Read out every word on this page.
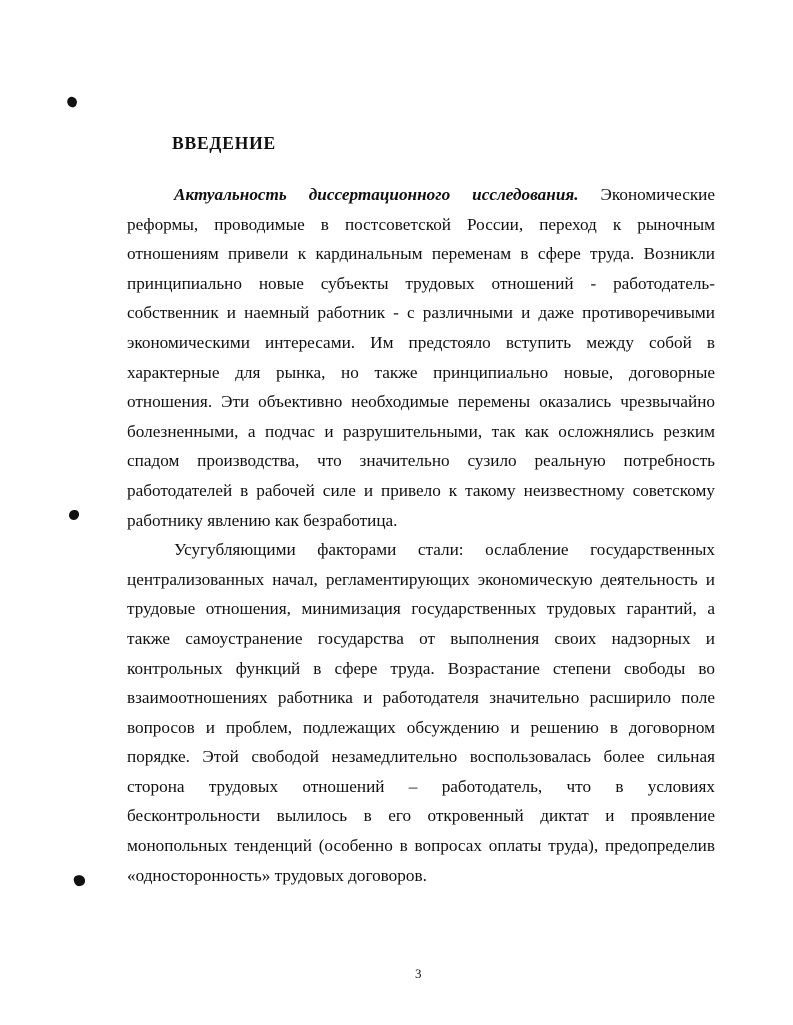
ВВЕДЕНИЕ
Актуальность диссертационного исследования. Экономические
реформы, проводимые в постсоветской России, переход к рыночным
отношениям привели к кардинальным переменам в сфере труда. Возникли
принципиально новые субъекты трудовых отношений - работодатель-
собственник и наемный работник - с различными и даже противоречивыми
экономическими интересами. Им предстояло вступить между собой в
характерные для рынка, но также принципиально новые, договорные
отношения. Эти объективно необходимые перемены оказались чрезвычайно
болезненными, а подчас и разрушительными, так как осложнялись резким
спадом производства, что значительно сузило реальную потребность
работодателей в рабочей силе и привело к такому неизвестному советскому
работнику явлению как безработица.
Усугубляющими факторами стали: ослабление государственных
централизованных начал, регламентирующих экономическую деятельность и
трудовые отношения, минимизация государственных трудовых гарантий, а
также самоустранение государства от выполнения своих надзорных и
контрольных функций в сфере труда. Возрастание степени свободы во
взаимоотношениях работника и работодателя значительно расширило поле
вопросов и проблем, подлежащих обсуждению и решению в договорном
порядке. Этой свободой незамедлительно воспользовалась более сильная
сторона трудовых отношений – работодатель, что в условиях
бесконтрольности вылилось в его откровенный диктат и проявление
монопольных тенденций (особенно в вопросах оплаты труда), предопределив
«односторонность» трудовых договоров.
3
